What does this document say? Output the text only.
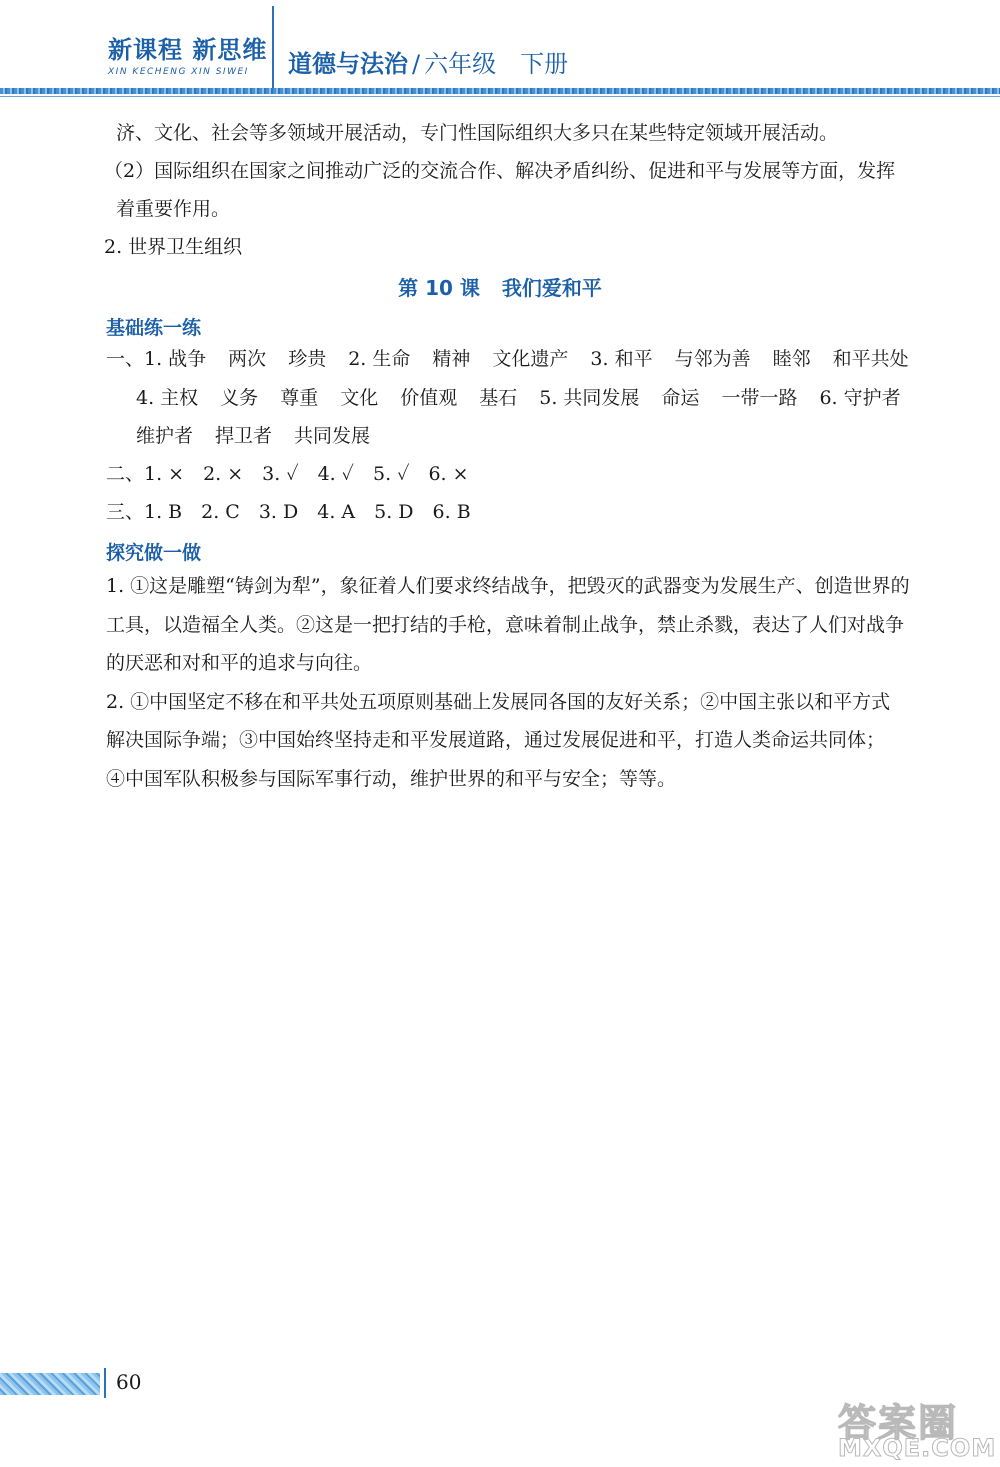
新课程 新思维
XIN KECHENG XIN SIWEI	道德与法治 / 六年级 下册
济、文化、社会等多领域开展活动，专门性国际组织大多只在某些特定领域开展活动。
（2）国际组织在国家之间推动广泛的交流合作、解决矛盾纠纷、促进和平与发展等方面，发挥
着重要作用。
2. 世界卫生组织
第 10 课 我们爱和平
基础练一练
一、1. 战争 两次 珍贵 2. 生命 精神 文化遗产 3. 和平 与邻为善 睦邻 和平共处
4. 主权 义务 尊重 文化 价值观 基石 5. 共同发展 命运 一带一路 6. 守护者
维护者 捍卫者 共同发展
二、1. ×　2. ×　3. ✓　4. ✓　5. ✓　6. ×
三、1. B　2. C　3. D　4. A　5. D　6. B
探究做一做
1. ①这是雕塑“铸剑为犁”，象征着人们要求终结战争，把毁灭的武器变为发展生产、创造世界的
工具，以造福全人类。②这是一把打结的手枪，意味着制止战争，禁止杀戮，表达了人们对战争
的厌恶和对和平的追求与向往。
2. ①中国坚定不移在和平共处五项原则基础上发展同各国的友好关系；②中国主张以和平方式
解决国际争端；③中国始终坚持走和平发展道路，通过发展促进和平，打造人类命运共同体；
④中国军队积极参与国际军事行动，维护世界的和平与安全；等等。
60
答案圈
MXQE.COM
